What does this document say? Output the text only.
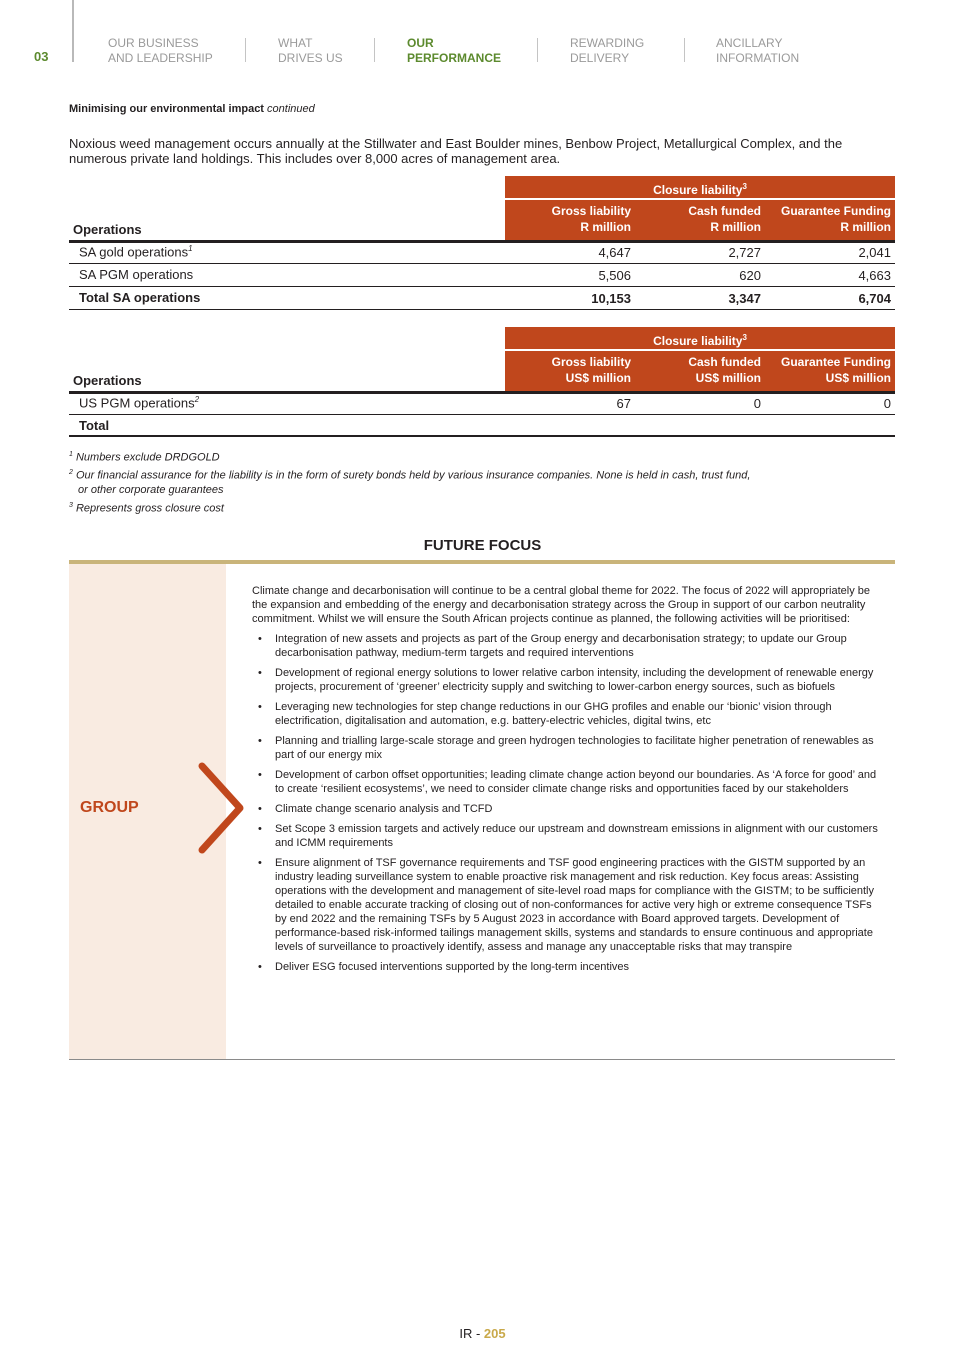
03
OUR BUSINESS
AND LEADERSHIP
WHAT
DRIVES US
OUR
PERFORMANCE
REWARDING
DELIVERY
ANCILLARY
INFORMATION
Minimising our environmental impact continued
Noxious weed management occurs annually at the Stillwater and East Boulder mines, Benbow Project, Metallurgical Complex, and the numerous private land holdings. This includes over 8,000 acres of management area.
Closure liability$^3$
Gross liability
R million
Cash funded
R million
Guarantee Funding
R million
Operations
SA gold operations$^1$	4,647	2,727	2,041
SA PGM operations	5,506	620	4,663
Total SA operations	10,153	3,347	6,704
Closure liability$^3$
Gross liability
US$ million
Cash funded
US$ million
Guarantee Funding
US$ million
Operations
US PGM operations$^2$	67	0	0
Total
$^1$ Numbers exclude DRDGOLD
$^2$ Our financial assurance for the liability is in the form of surety bonds held by various insurance companies. None is held in cash, trust fund,
or other corporate guarantees
$^3$ Represents gross closure cost
FUTURE FOCUS
GROUP

Climate change and decarbonisation will continue to be a central global theme for 2022. The focus of 2022 will appropriately be the expansion and embedding of the energy and decarbonisation strategy across the Group in support of our carbon neutrality commitment. Whilst we will ensure the South African projects continue as planned, the following activities will be prioritised:

• Integration of new assets and projects as part of the Group energy and decarbonisation strategy; to update our Group decarbonisation pathway, medium-term targets and required interventions
• Development of regional energy solutions to lower relative carbon intensity, including the development of renewable energy projects, procurement of ‘greener’ electricity supply and switching to lower-carbon energy sources, such as biofuels
• Leveraging new technologies for step change reductions in our GHG profiles and enable our ‘bionic’ vision through electrification, digitalisation and automation, e.g. battery-electric vehicles, digital twins, etc
• Planning and trialling large-scale storage and green hydrogen technologies to facilitate higher penetration of renewables as part of our energy mix
• Development of carbon offset opportunities; leading climate change action beyond our boundaries. As ‘A force for good’ and to create ‘resilient ecosystems’, we need to consider climate change risks and opportunities faced by our stakeholders
• Climate change scenario analysis and TCFD
• Set Scope 3 emission targets and actively reduce our upstream and downstream emissions in alignment with our customers and ICMM requirements
• Ensure alignment of TSF governance requirements and TSF good engineering practices with the GISTM supported by an industry leading surveillance system to enable proactive risk management and risk reduction. Key focus areas: Assisting operations with the development and management of site-level road maps for compliance with the GISTM; to be sufficiently detailed to enable accurate tracking of closing out of non-conformances for active very high or extreme consequence TSFs by end 2022 and the remaining TSFs by 5 August 2023 in accordance with Board approved targets. Development of performance-based risk-informed tailings management skills, systems and standards to ensure continuous and appropriate levels of surveillance to proactively identify, assess and manage any unacceptable risks that may transpire
• Deliver ESG focused interventions supported by the long-term incentives
IR - 205
